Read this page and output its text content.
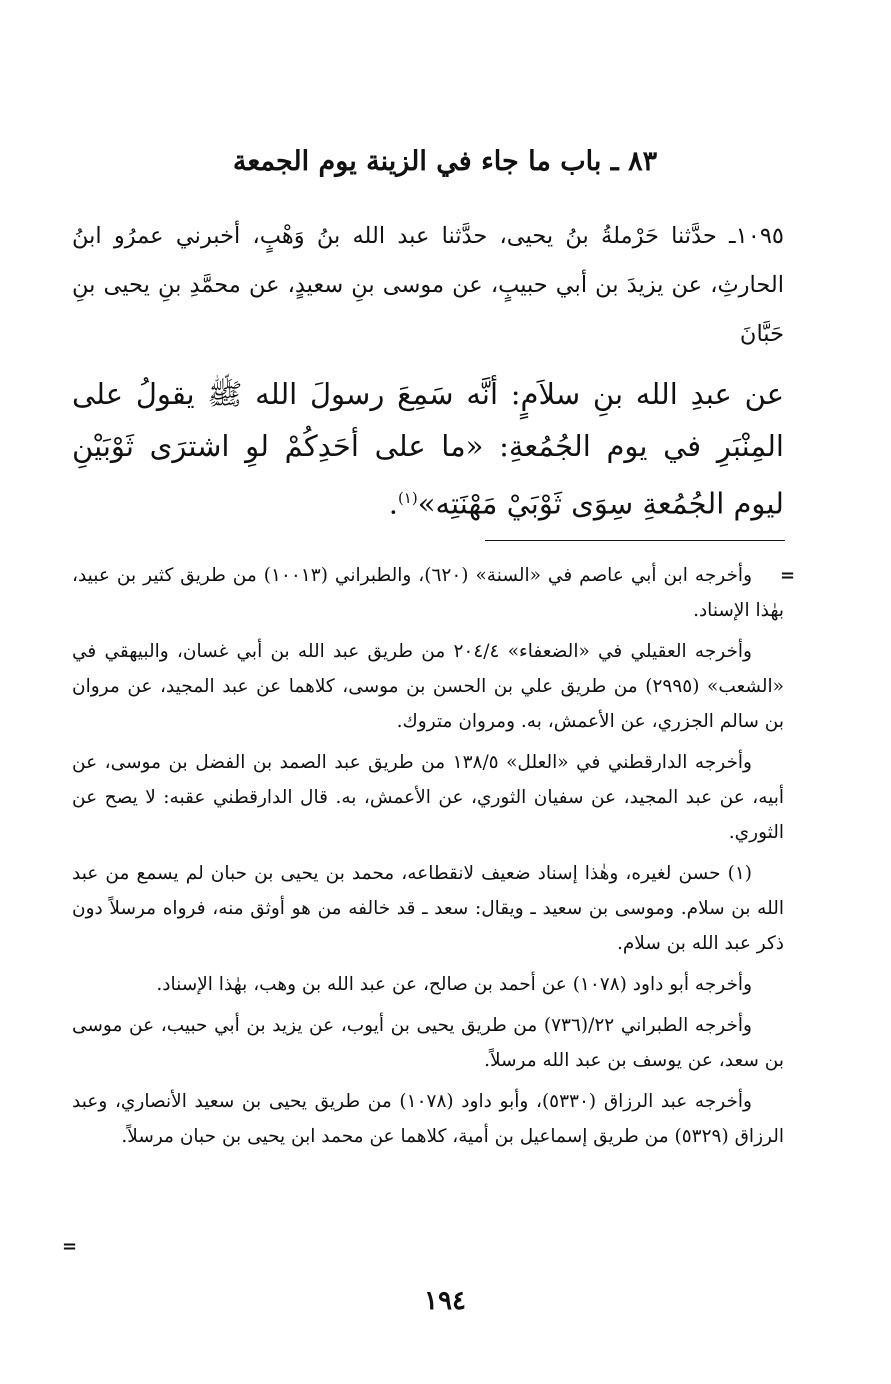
٨٣ ـ باب ما جاء في الزينة يوم الجمعة
١٠٩٥ـ حدَّثنا حَرْملةُ بنُ يحيى، حدَّثنا عبد الله بنُ وَهْبٍ، أخبرني عمرُو ابنُ الحارثِ، عن يزيدَ بن أبي حبيبٍ، عن موسى بنِ سعيدٍ، عن محمَّدِ بنِ يحيى بنِ حَبَّانَ
عن عبدِ الله بنِ سلاَمٍ: أنَّه سَمِعَ رسولَ الله ﷺ يقولُ على المِنْبَرِ في يوم الجُمُعةِ: «ما على أحَدِكُمْ لوِ اشترَى ثَوْبَيْنِ ليوم الجُمُعةِ سِوَى ثَوْبَيْ مَهْنَتِه»$^{(١)}$.
=

وأخرجه ابن أبي عاصم في «السنة» (٦٢٠)، والطبراني (١٠٠١٣) من طريق كثير بن عبيد، بهٰذا الإسناد.

وأخرجه العقيلي في «الضعفاء» ٢٠٤/٤ من طريق عبد الله بن أبي غسان، والبيهقي في «الشعب» (٢٩٩٥) من طريق علي بن الحسن بن موسى، كلاهما عن عبد المجيد، عن مروان بن سالم الجزري، عن الأعمش، به. ومروان متروك.

وأخرجه الدارقطني في «العلل» ١٣٨/٥ من طريق عبد الصمد بن الفضل بن موسى، عن أبيه، عن عبد المجيد، عن سفيان الثوري، عن الأعمش، به. قال الدارقطني عقبه: لا يصح عن الثوري.

(١) حسن لغيره، وهٰذا إسناد ضعيف لانقطاعه، محمد بن يحيى بن حبان لم يسمع من عبد الله بن سلام. وموسى بن سعيد ـ ويقال: سعد ـ قد خالفه من هو أوثق منه، فرواه مرسلاً دون ذكر عبد الله بن سلام.

وأخرجه أبو داود (١٠٧٨) عن أحمد بن صالح، عن عبد الله بن وهب، بهٰذا الإسناد.

وأخرجه الطبراني ٢٢/(٧٣٦) من طريق يحيى بن أيوب، عن يزيد بن أبي حبيب، عن موسى بن سعد، عن يوسف بن عبد الله مرسلاً.

وأخرجه عبد الرزاق (٥٣٣٠)، وأبو داود (١٠٧٨) من طريق يحيى بن سعيد الأنصاري، وعبد الرزاق (٥٣٢٩) من طريق إسماعيل بن أمية، كلاهما عن محمد ابن يحيى بن حبان مرسلاً.

=
١٩٤
